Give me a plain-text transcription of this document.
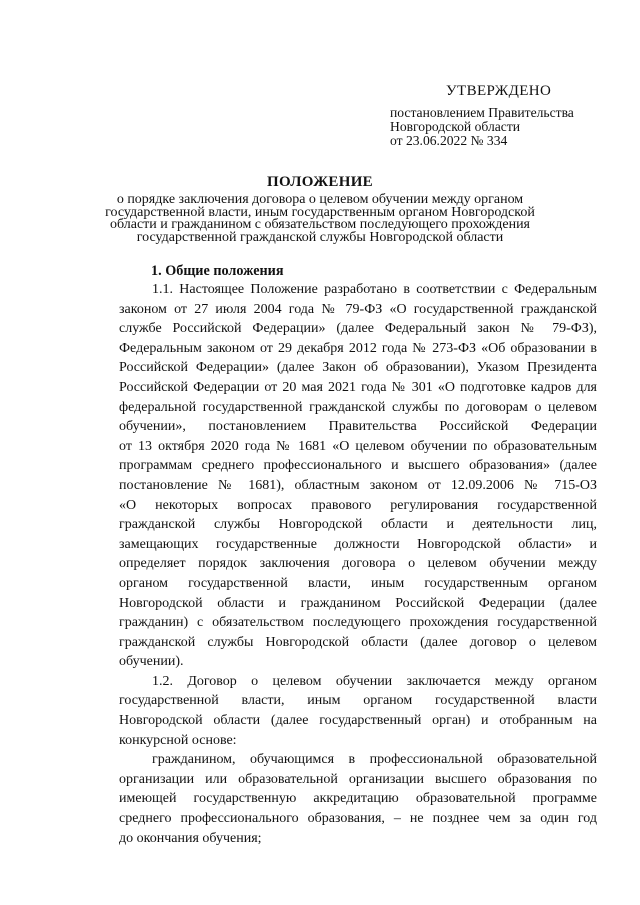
УТВЕРЖДЕНО
постановлением Правительства
Новгородской области
от 23.06.2022 № 334
ПОЛОЖЕНИЕ
о порядке заключения договора о целевом обучении между органом
государственной власти, иным государственным органом Новгородской
области и гражданином с обязательством последующего прохождения
государственной гражданской службы Новгородской области
1. Общие положения
1.1. Настоящее Положение разработано в соответствии с Федеральным
законом от 27 июля 2004 года № 79-ФЗ «О государственной гражданской
службе Российской Федерации» (далее Федеральный закон № 79-ФЗ),
Федеральным законом от 29 декабря 2012 года № 273-ФЗ «Об образовании в
Российской Федерации» (далее Закон об образовании), Указом Президента
Российской Федерации от 20 мая 2021 года № 301 «О подготовке кадров для
федеральной государственной гражданской службы по договорам о целевом
обучении», постановлением Правительства Российской Федерации
от 13 октября 2020 года № 1681 «О целевом обучении по образовательным
программам среднего профессионального и высшего образования» (далее
постановление № 1681), областным законом от 12.09.2006 № 715-ОЗ
«О некоторых вопросах правового регулирования государственной
гражданской службы Новгородской области и деятельности лиц,
замещающих государственные должности Новгородской области» и
определяет порядок заключения договора о целевом обучении между
органом государственной власти, иным государственным органом
Новгородской области и гражданином Российской Федерации (далее
гражданин) с обязательством последующего прохождения государственной
гражданской службы Новгородской области (далее договор о целевом
обучении).
1.2. Договор о целевом обучении заключается между органом
государственной власти, иным органом государственной власти
Новгородской области (далее государственный орган) и отобранным на
конкурсной основе:
гражданином, обучающимся в профессиональной образовательной
организации или образовательной организации высшего образования по
имеющей государственную аккредитацию образовательной программе
среднего профессионального образования, – не позднее чем за один год
до окончания обучения;
